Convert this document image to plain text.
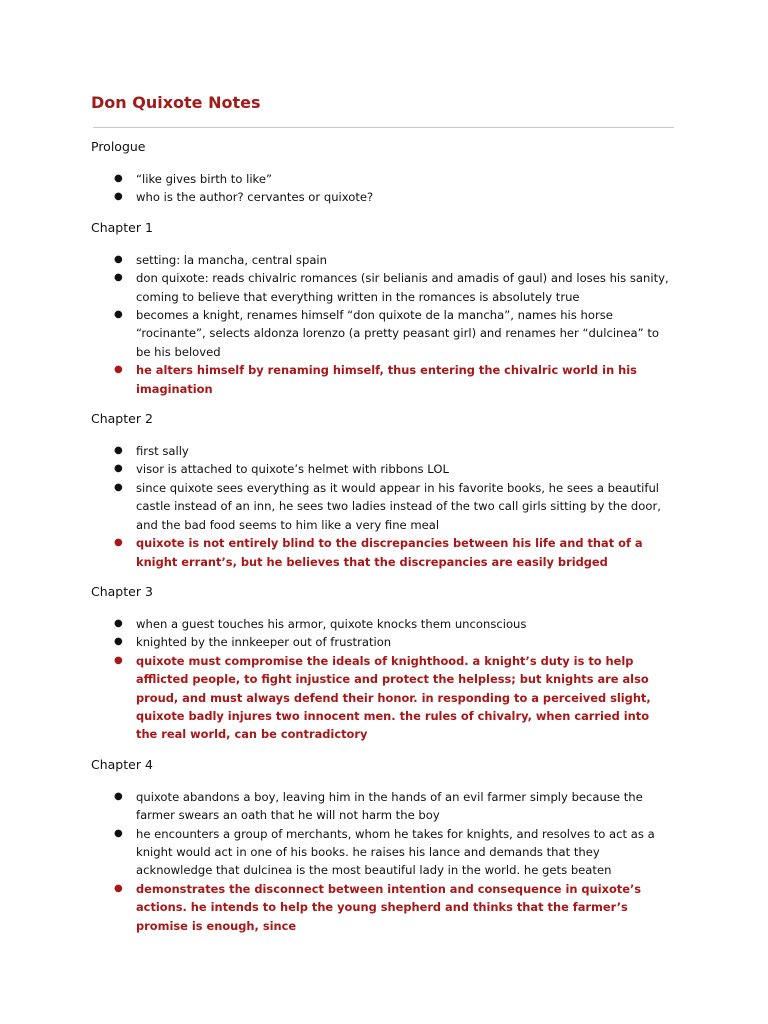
Don Quixote Notes
Prologue
● “like gives birth to like”
● who is the author? cervantes or quixote?
Chapter 1
● setting: la mancha, central spain
● don quixote: reads chivalric romances (sir belianis and amadis of gaul) and loses his sanity, coming to believe that everything written in the romances is absolutely true
● becomes a knight, renames himself “don quixote de la mancha”, names his horse “rocinante”, selects aldonza lorenzo (a pretty peasant girl) and renames her “dulcinea” to be his beloved
● he alters himself by renaming himself, thus entering the chivalric world in his imagination
Chapter 2
● first sally
● visor is attached to quixote’s helmet with ribbons LOL
● since quixote sees everything as it would appear in his favorite books, he sees a beautiful castle instead of an inn, he sees two ladies instead of the two call girls sitting by the door, and the bad food seems to him like a very fine meal
● quixote is not entirely blind to the discrepancies between his life and that of a knight errant’s, but he believes that the discrepancies are easily bridged
Chapter 3
● when a guest touches his armor, quixote knocks them unconscious
● knighted by the innkeeper out of frustration
● quixote must compromise the ideals of knighthood. a knight’s duty is to help afflicted people, to fight injustice and protect the helpless; but knights are also proud, and must always defend their honor. in responding to a perceived slight, quixote badly injures two innocent men. the rules of chivalry, when carried into the real world, can be contradictory
Chapter 4
● quixote abandons a boy, leaving him in the hands of an evil farmer simply because the farmer swears an oath that he will not harm the boy
● he encounters a group of merchants, whom he takes for knights, and resolves to act as a knight would act in one of his books. he raises his lance and demands that they acknowledge that dulcinea is the most beautiful lady in the world. he gets beaten
● demonstrates the disconnect between intention and consequence in quixote’s actions. he intends to help the young shepherd and thinks that the farmer’s promise is enough, since
